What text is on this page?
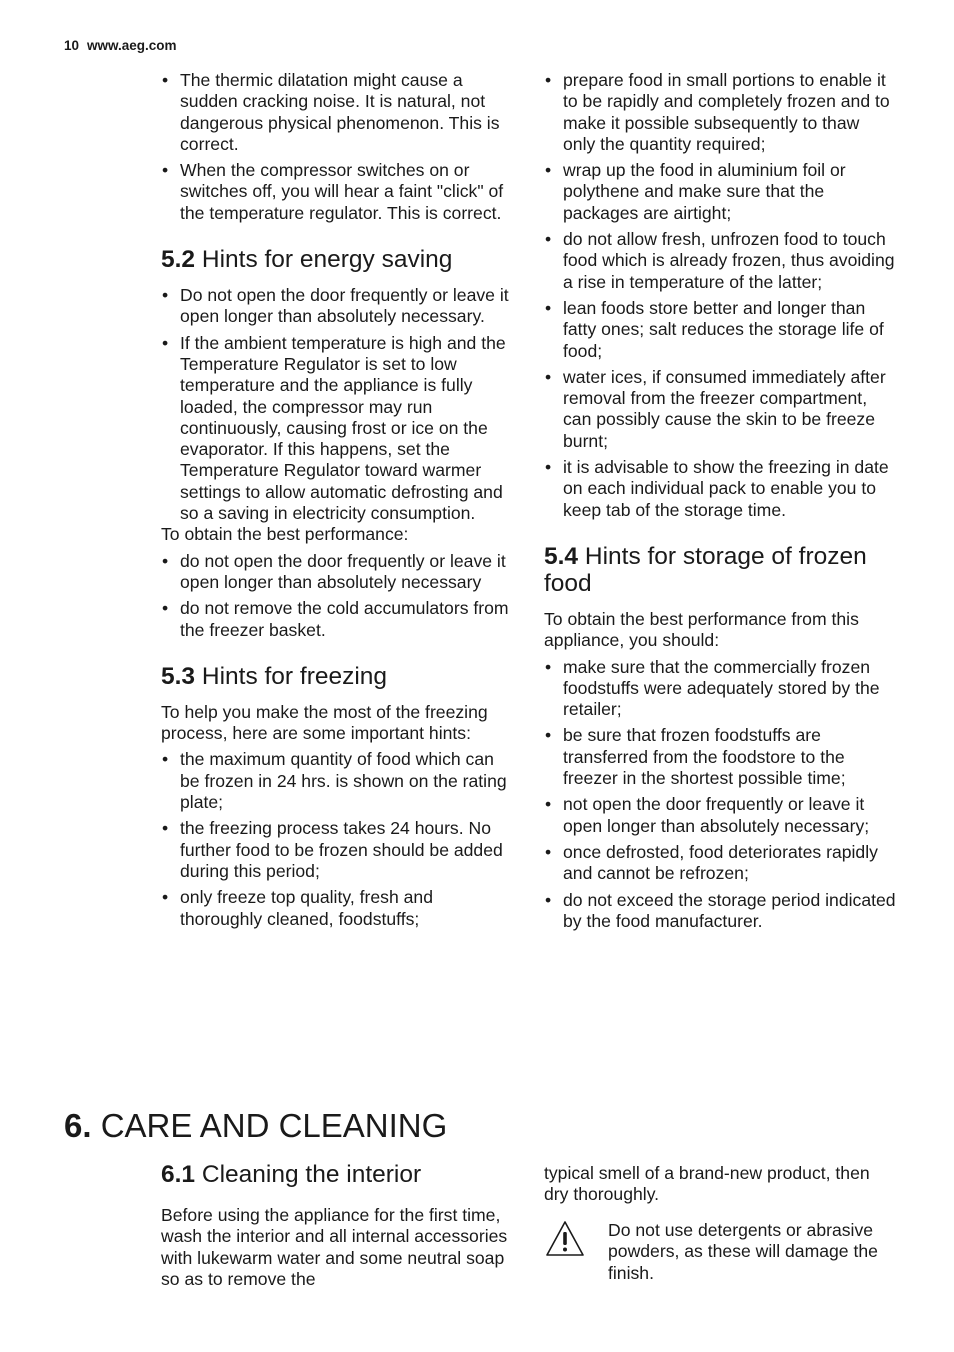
10 www.aeg.com
• The thermic dilatation might cause a sudden cracking noise. It is natural, not dangerous physical phenomenon. This is correct.
• When the compressor switches on or switches off, you will hear a faint "click" of the temperature regulator. This is correct.
5.2 Hints for energy saving
• Do not open the door frequently or leave it open longer than absolutely necessary.
• If the ambient temperature is high and the Temperature Regulator is set to low temperature and the appliance is fully loaded, the compressor may run continuously, causing frost or ice on the evaporator. If this happens, set the Temperature Regulator toward warmer settings to allow automatic defrosting and so a saving in electricity consumption.

To obtain the best performance:

• do not open the door frequently or leave it open longer than absolutely necessary
• do not remove the cold accumulators from the freezer basket.
5.3 Hints for freezing

To help you make the most of the freezing process, here are some important hints:

• the maximum quantity of food which can be frozen in 24 hrs. is shown on the rating plate;
• the freezing process takes 24 hours. No further food to be frozen should be added during this period;
• only freeze top quality, fresh and thoroughly cleaned, foodstuffs;
• prepare food in small portions to enable it to be rapidly and completely frozen and to make it possible subsequently to thaw only the quantity required;
• wrap up the food in aluminium foil or polythene and make sure that the packages are airtight;
• do not allow fresh, unfrozen food to touch food which is already frozen, thus avoiding a rise in temperature of the latter;
• lean foods store better and longer than fatty ones; salt reduces the storage life of food;
• water ices, if consumed immediately after removal from the freezer compartment, can possibly cause the skin to be freeze burnt;
• it is advisable to show the freezing in date on each individual pack to enable you to keep tab of the storage time.
5.4 Hints for storage of frozen food

To obtain the best performance from this appliance, you should:

• make sure that the commercially frozen foodstuffs were adequately stored by the retailer;
• be sure that frozen foodstuffs are transferred from the foodstore to the freezer in the shortest possible time;
• not open the door frequently or leave it open longer than absolutely necessary;
• once defrosted, food deteriorates rapidly and cannot be refrozen;
• do not exceed the storage period indicated by the food manufacturer.
6. CARE AND CLEANING
6.1 Cleaning the interior
Before using the appliance for the first time, wash the interior and all internal accessories with lukewarm water and some neutral soap so as to remove the
typical smell of a brand-new product, then dry thoroughly.
Do not use detergents or abrasive powders, as these will damage the finish.
